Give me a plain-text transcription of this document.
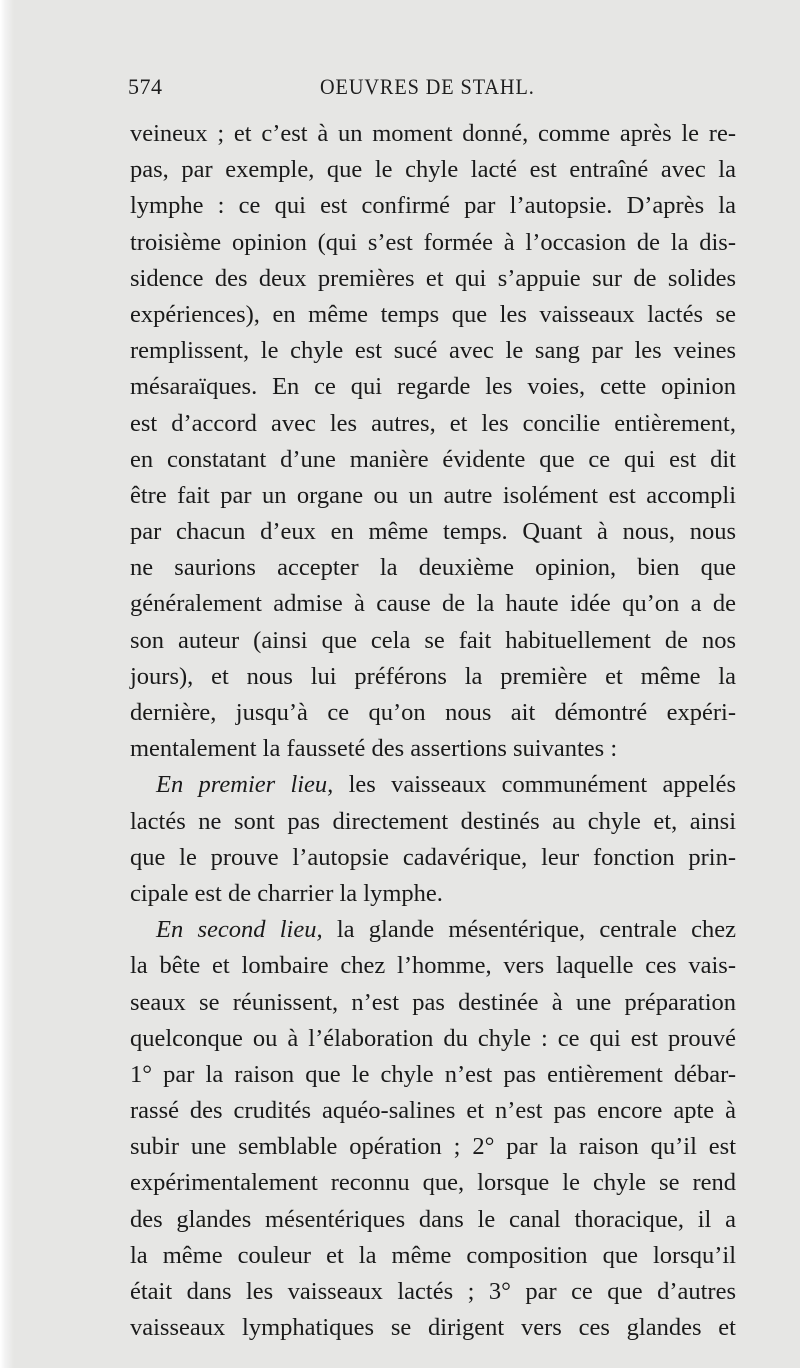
574	OEUVRES DE STAHL.
veineux ; et c’est à un moment donné, comme après le re-
pas, par exemple, que le chyle lacté est entraîné avec la
lymphe : ce qui est confirmé par l’autopsie. D’après la
troisième opinion (qui s’est formée à l’occasion de la dis-
sidence des deux premières et qui s’appuie sur de solides
expériences), en même temps que les vaisseaux lactés se
remplissent, le chyle est sucé avec le sang par les veines
mésaraïques. En ce qui regarde les voies, cette opinion
est d’accord avec les autres, et les concilie entièrement,
en constatant d’une manière évidente que ce qui est dit
être fait par un organe ou un autre isolément est accompli
par chacun d’eux en même temps. Quant à nous, nous
ne saurions accepter la deuxième opinion, bien que
généralement admise à cause de la haute idée qu’on a de
son auteur (ainsi que cela se fait habituellement de nos
jours), et nous lui préférons la première et même la
dernière, jusqu’à ce qu’on nous ait démontré expéri-
mentalement la fausseté des assertions suivantes :
En premier lieu, les vaisseaux communément appelés
lactés ne sont pas directement destinés au chyle et, ainsi
que le prouve l’autopsie cadavérique, leur fonction prin-
cipale est de charrier la lymphe.
En second lieu, la glande mésentérique, centrale chez
la bête et lombaire chez l’homme, vers laquelle ces vais-
seaux se réunissent, n’est pas destinée à une préparation
quelconque ou à l’élaboration du chyle : ce qui est prouvé
1° par la raison que le chyle n’est pas entièrement débar-
rassé des crudités aquéo-salines et n’est pas encore apte à
subir une semblable opération ; 2° par la raison qu’il est
expérimentalement reconnu que, lorsque le chyle se rend
des glandes mésentériques dans le canal thoracique, il a
la même couleur et la même composition que lorsqu’il
était dans les vaisseaux lactés ; 3° par ce que d’autres
vaisseaux lymphatiques se dirigent vers ces glandes et
